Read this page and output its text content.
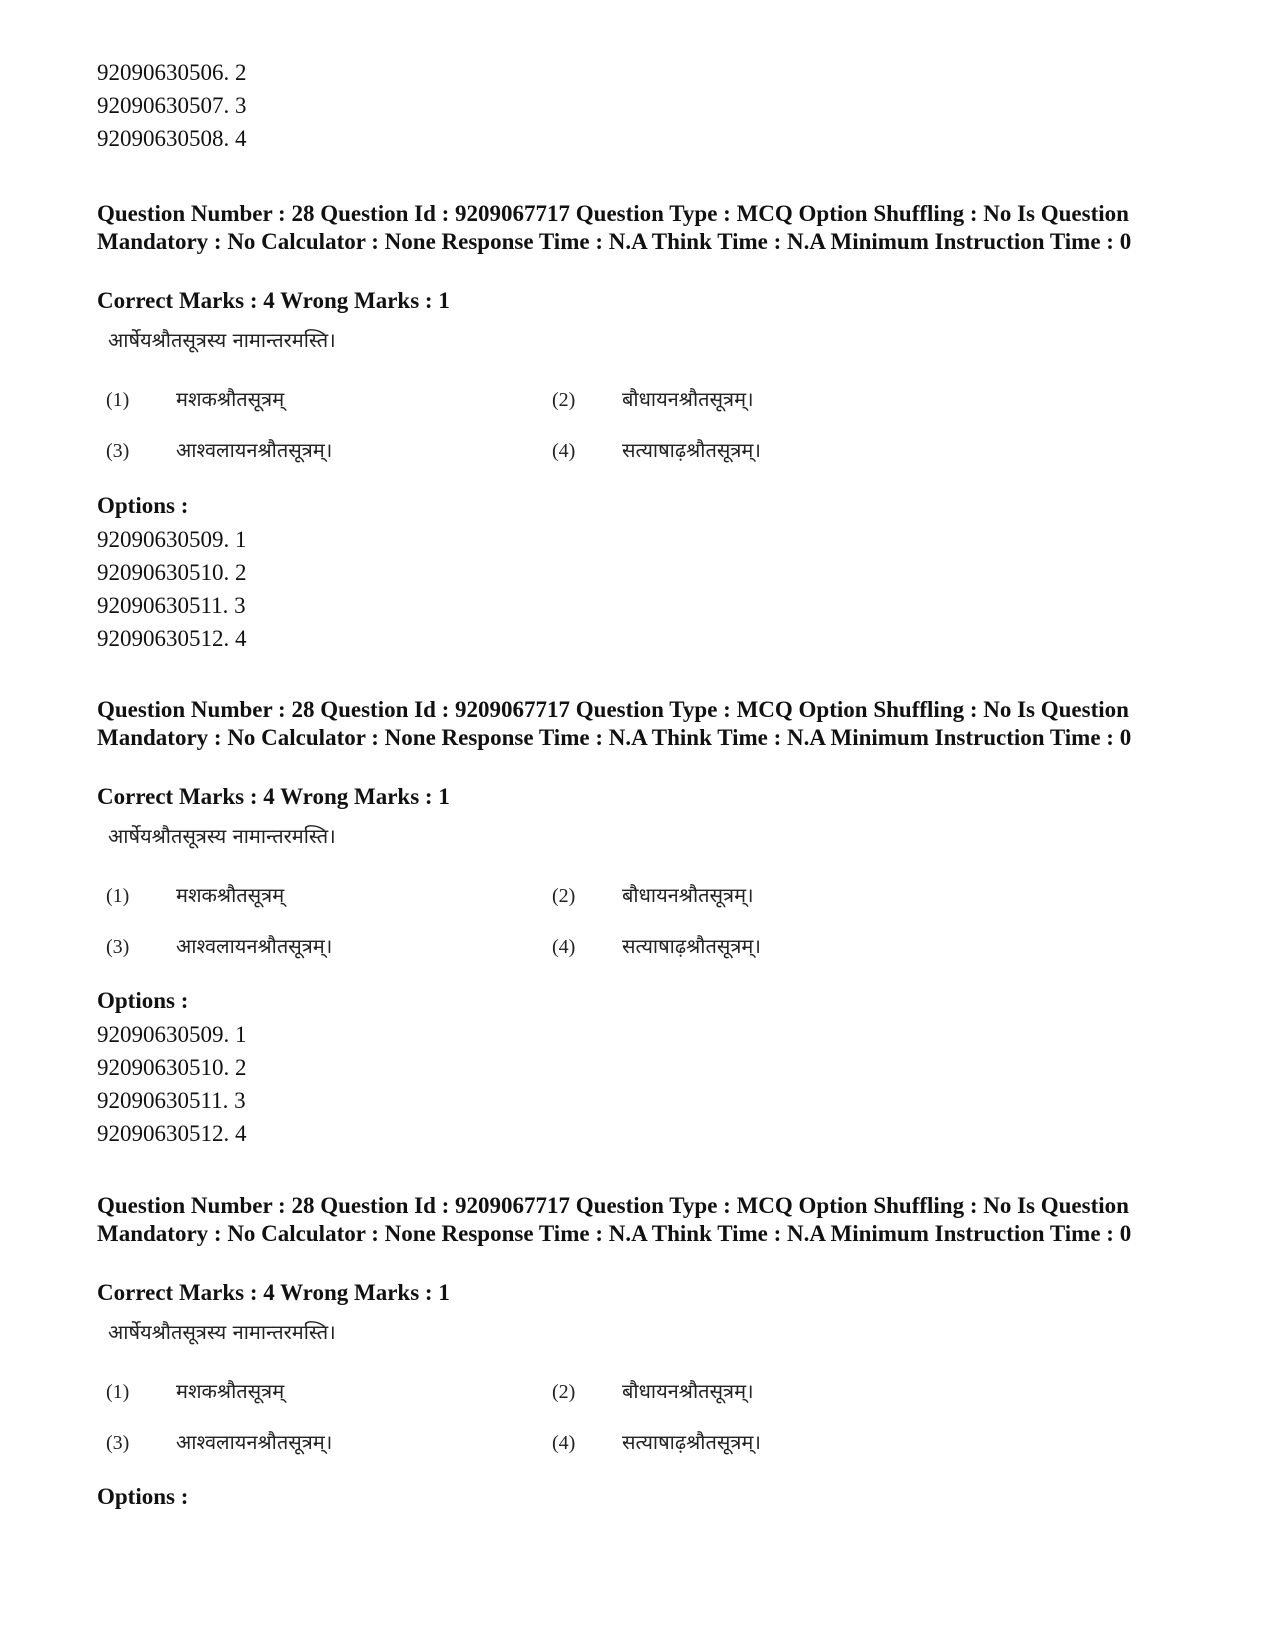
92090630506. 2
92090630507. 3
92090630508. 4
Question Number : 28 Question Id : 9209067717 Question Type : MCQ Option Shuffling : No Is Question Mandatory : No Calculator : None Response Time : N.A Think Time : N.A Minimum Instruction Time : 0
Correct Marks : 4 Wrong Marks : 1
आर्षेयश्रौतसूत्रस्य नामान्तरमस्ति।
(1) मशकश्रौतसूत्रम्	(2) बौधायनश्रौतसूत्रम्।
(3) आश्वलायनश्रौतसूत्रम्।	(4) सत्याषाढ़श्रौतसूत्रम्।
Options :
92090630509. 1
92090630510. 2
92090630511. 3
92090630512. 4
Question Number : 28 Question Id : 9209067717 Question Type : MCQ Option Shuffling : No Is Question Mandatory : No Calculator : None Response Time : N.A Think Time : N.A Minimum Instruction Time : 0
Correct Marks : 4 Wrong Marks : 1
आर्षेयश्रौतसूत्रस्य नामान्तरमस्ति।
(1) मशकश्रौतसूत्रम्	(2) बौधायनश्रौतसूत्रम्।
(3) आश्वलायनश्रौतसूत्रम्।	(4) सत्याषाढ़श्रौतसूत्रम्।
Options :
92090630509. 1
92090630510. 2
92090630511. 3
92090630512. 4
Question Number : 28 Question Id : 9209067717 Question Type : MCQ Option Shuffling : No Is Question Mandatory : No Calculator : None Response Time : N.A Think Time : N.A Minimum Instruction Time : 0
Correct Marks : 4 Wrong Marks : 1
आर्षेयश्रौतसूत्रस्य नामान्तरमस्ति।
(1) मशकश्रौतसूत्रम्	(2) बौधायनश्रौतसूत्रम्।
(3) आश्वलायनश्रौतसूत्रम्।	(4) सत्याषाढ़श्रौतसूत्रम्।
Options :
